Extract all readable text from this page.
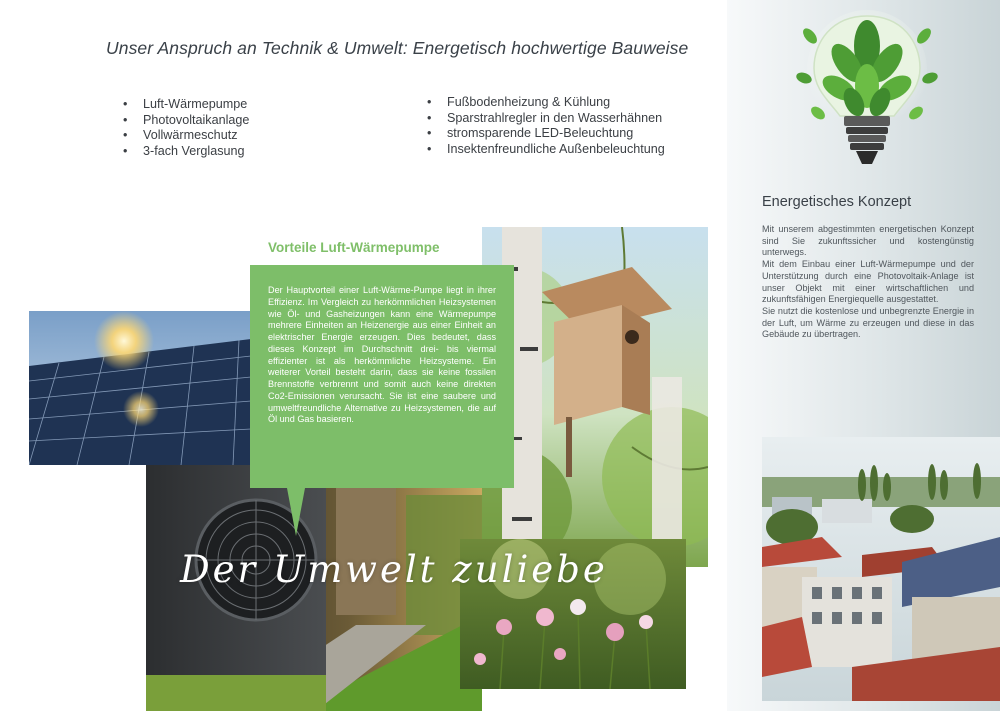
Unser Anspruch an Technik & Umwelt: Energetisch hochwertige Bauweise
• Luft-Wärmepumpe
• Photovoltaikanlage
• Vollwärmeschutz
• 3-fach Verglasung
• Fußbodenheizung & Kühlung
• Sparstrahlregler in den Wasserhähnen
• stromsparende LED-Beleuchtung
• Insektenfreundliche Außenbeleuchtung
Energetisches Konzept

Mit unserem abgestimmten energetischen Konzept sind Sie zukunftssicher und kostengünstig unterwegs.

Mit dem Einbau einer Luft-Wärmepumpe und der Unterstützung durch eine Photovoltaik-Anlage ist unser Objekt mit einer wirtschaftlichen und zukunftsfähigen Energiequelle ausgestattet.

Sie nutzt die kostenlose und unbegrenzte Energie in der Luft, um Wärme zu erzeugen und diese in das Gebäude zu übertragen.

Vorteile Luft-Wärmepumpe
Der Hauptvorteil einer Luft-Wärme-Pumpe liegt in ihrer Effizienz. Im Vergleich zu herkömmlichen Heizsystemen wie Öl- und Gasheizungen kann eine Wärmepumpe mehrere Einheiten an Heizenergie aus einer Einheit an elektrischer Energie erzeugen. Dies bedeutet, dass dieses Konzept im Durchschnitt drei- bis viermal effizienter ist als herkömmliche Heizsysteme. Ein weiterer Vorteil besteht darin, dass sie keine fossilen Brennstoffe verbrennt und somit auch keine direkten Co2-Emissionen verursacht. Sie ist eine saubere und umweltfreundliche Alternative zu Heizsystemen, die auf Öl und Gas basieren.
Der Umwelt zuliebe
